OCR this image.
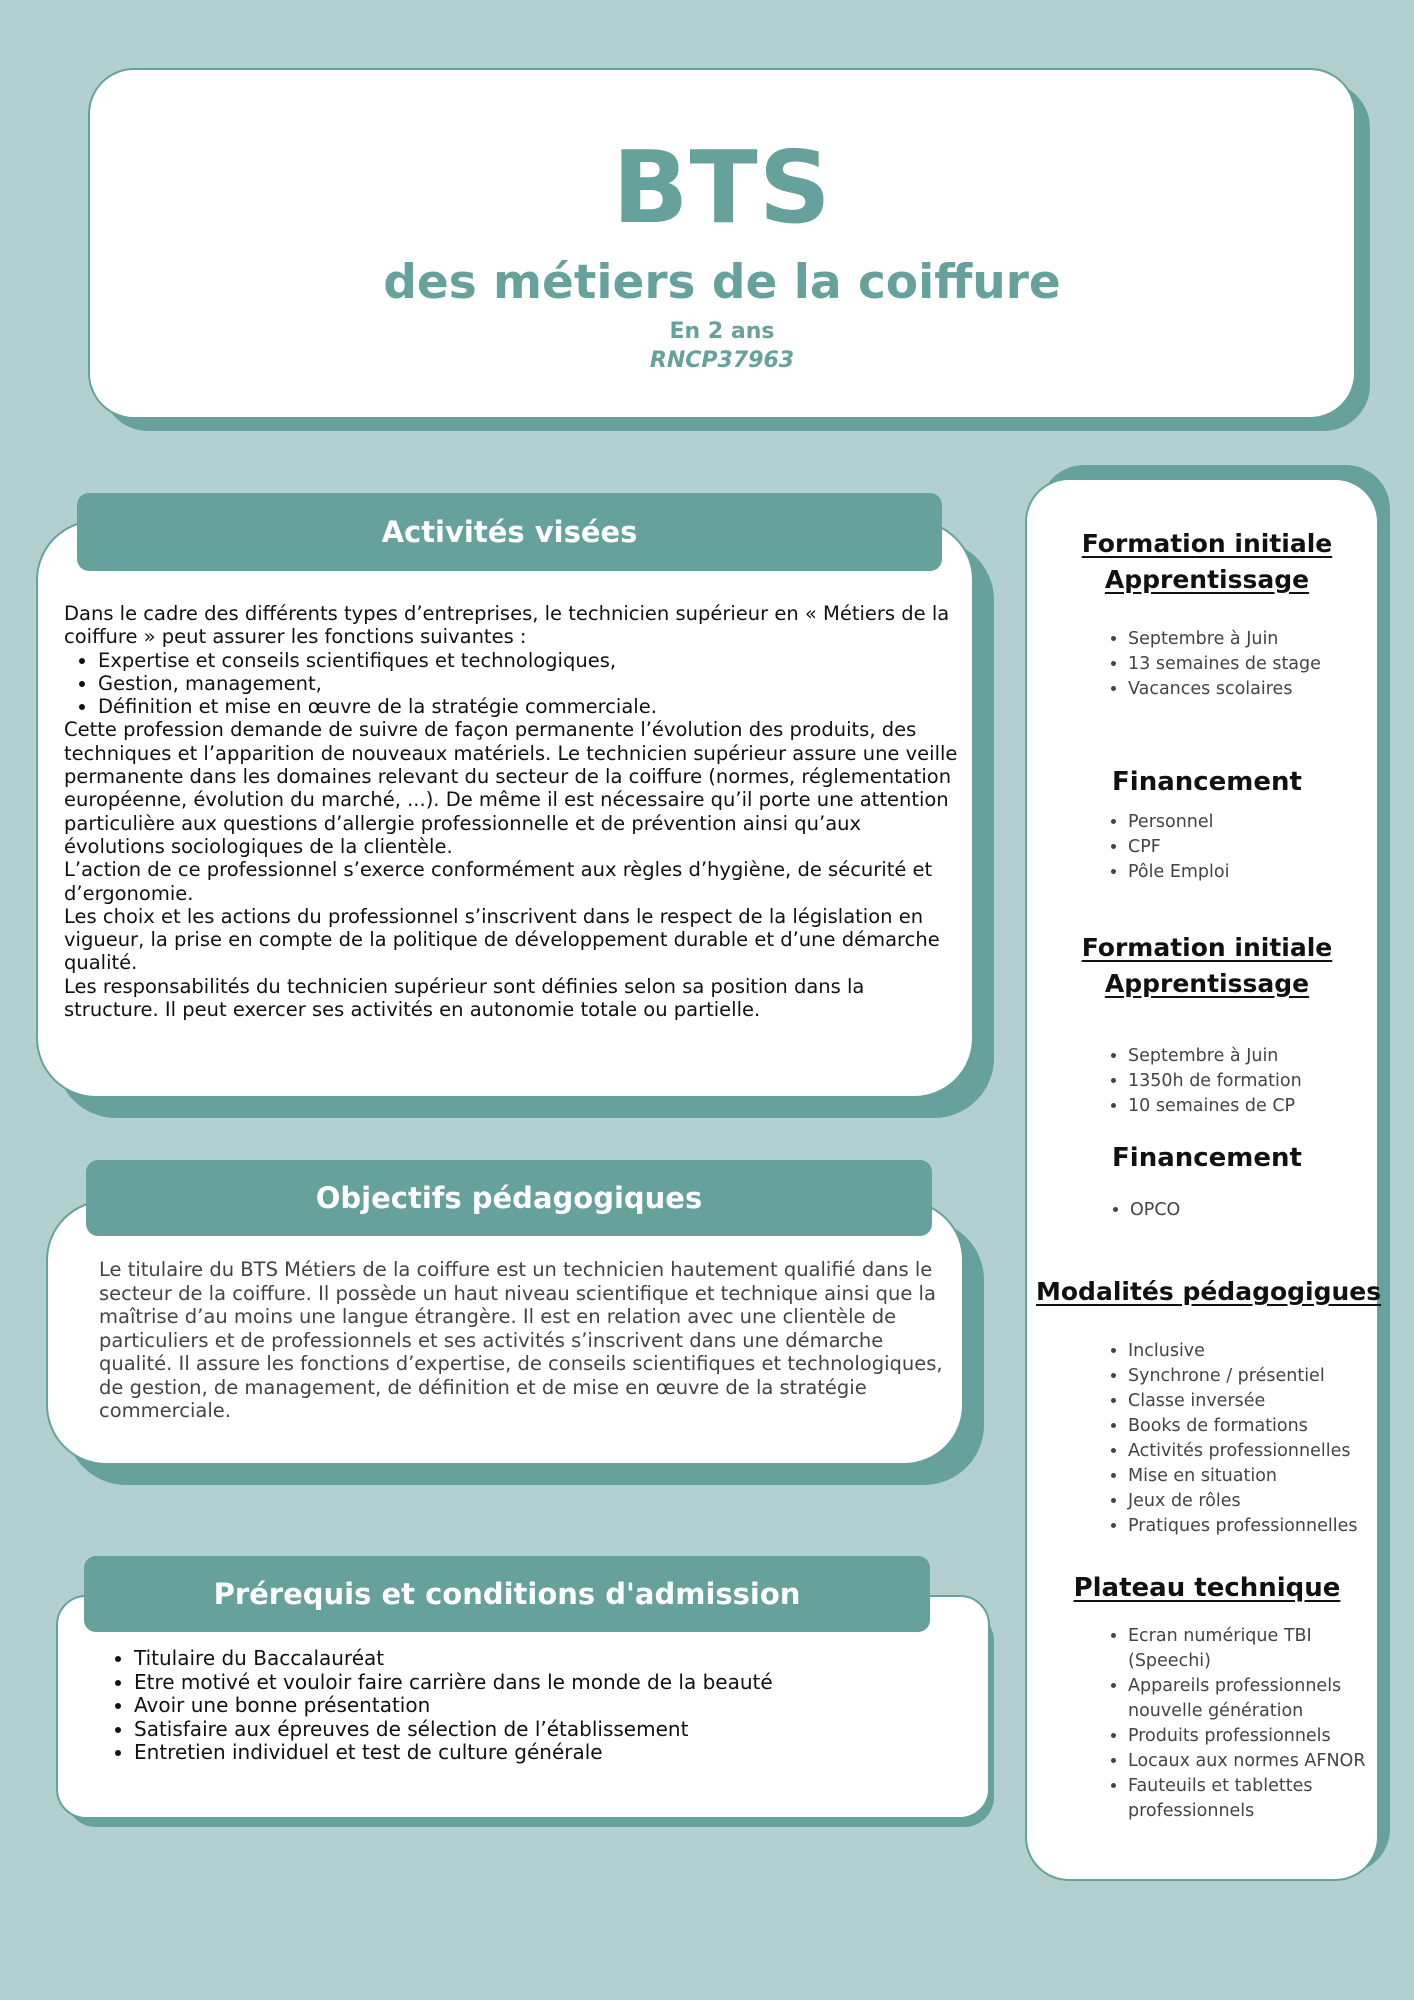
BTS
des métiers de la coiffure
En 2 ans
RNCP37963
Activités visées

Dans le cadre des différents types d’entreprises, le technicien supérieur en « Métiers de la coiffure » peut assurer les fonctions suivantes :

• Expertise et conseils scientifiques et technologiques,
• Gestion, management,
• Définition et mise en œuvre de la stratégie commerciale.

Cette profession demande de suivre de façon permanente l’évolution des produits, des techniques et l’apparition de nouveaux matériels. Le technicien supérieur assure une veille permanente dans les domaines relevant du secteur de la coiffure (normes, réglementation européenne, évolution du marché, ...). De même il est nécessaire qu’il porte une attention particulière aux questions d’allergie professionnelle et de prévention ainsi qu’aux évolutions sociologiques de la clientèle.

L’action de ce professionnel s’exerce conformément aux règles d’hygiène, de sécurité et d’ergonomie.

Les choix et les actions du professionnel s’inscrivent dans le respect de la législation en vigueur, la prise en compte de la politique de développement durable et d’une démarche qualité.

Les responsabilités du technicien supérieur sont définies selon sa position dans la structure. Il peut exercer ses activités en autonomie totale ou partielle.

Objectifs pédagogiques
Le titulaire du BTS Métiers de la coiffure est un technicien hautement qualifié dans le secteur de la coiffure. Il possède un haut niveau scientifique et technique ainsi que la maîtrise d’au moins une langue étrangère. Il est en relation avec une clientèle de particuliers et de professionnels et ses activités s’inscrivent dans une démarche qualité. Il assure les fonctions d’expertise, de conseils scientifiques et technologiques, de gestion, de management, de définition et de mise en œuvre de la stratégie commerciale.
Prérequis et conditions d'admission
• Titulaire du Baccalauréat
• Etre motivé et vouloir faire carrière dans le monde de la beauté
• Avoir une bonne présentation
• Satisfaire aux épreuves de sélection de l’établissement
• Entretien individuel et test de culture générale
Formation initiale
Apprentissage
• Septembre à Juin
• 13 semaines de stage
• Vacances scolaires
Financement
• Personnel
• CPF
• Pôle Emploi
Formation initiale
Apprentissage
• Septembre à Juin
• 1350h de formation
• 10 semaines de CP
Financement
• OPCO
Modalités pédagogigues
• Inclusive
• Synchrone / présentiel
• Classe inversée
• Books de formations
• Activités professionnelles
• Mise en situation
• Jeux de rôles
• Pratiques professionnelles
Plateau technique
• Ecran numérique TBI (Speechi)
• Appareils professionnels nouvelle génération
• Produits professionnels
• Locaux aux normes AFNOR
• Fauteuils et tablettes professionnels
